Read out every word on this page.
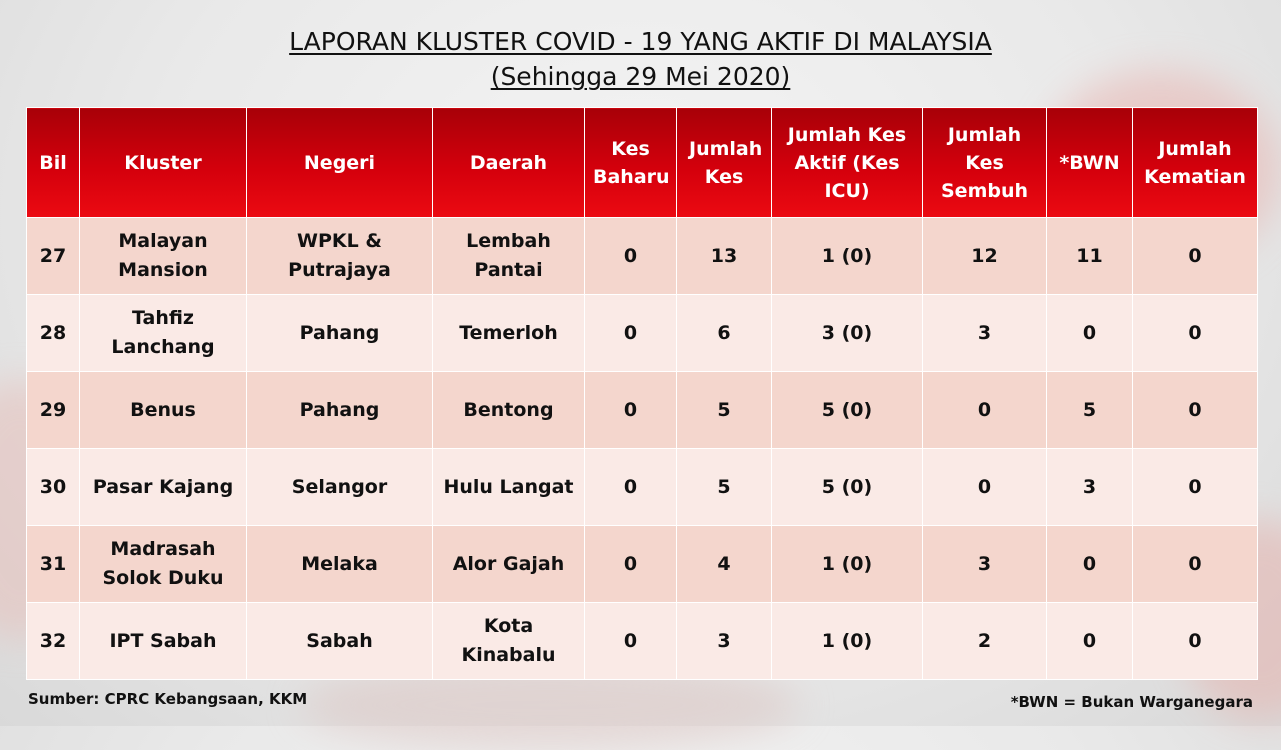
LAPORAN KLUSTER COVID - 19 YANG AKTIF DI MALAYSIA
(Sehingga 29 Mei 2020)
Bil	Kluster	Negeri	Daerah	Kes Baharu	Jumlah Kes	Jumlah Kes Aktif (Kes ICU)	Jumlah Kes Sembuh	*BWN	Jumlah Kematian
27	Malayan Mansion	WPKL & Putrajaya	Lembah Pantai	0	13	1 (0)	12	11	0
28	Tahfiz Lanchang	Pahang	Temerloh	0	6	3 (0)	3	0	0
29	Benus	Pahang	Bentong	0	5	5 (0)	0	5	0
30	Pasar Kajang	Selangor	Hulu Langat	0	5	5 (0)	0	3	0
31	Madrasah Solok Duku	Melaka	Alor Gajah	0	4	1 (0)	3	0	0
32	IPT Sabah	Sabah	Kota Kinabalu	0	3	1 (0)	2	0	0
Sumber: CPRC Kebangsaan, KKM	*BWN = Bukan Warganegara
